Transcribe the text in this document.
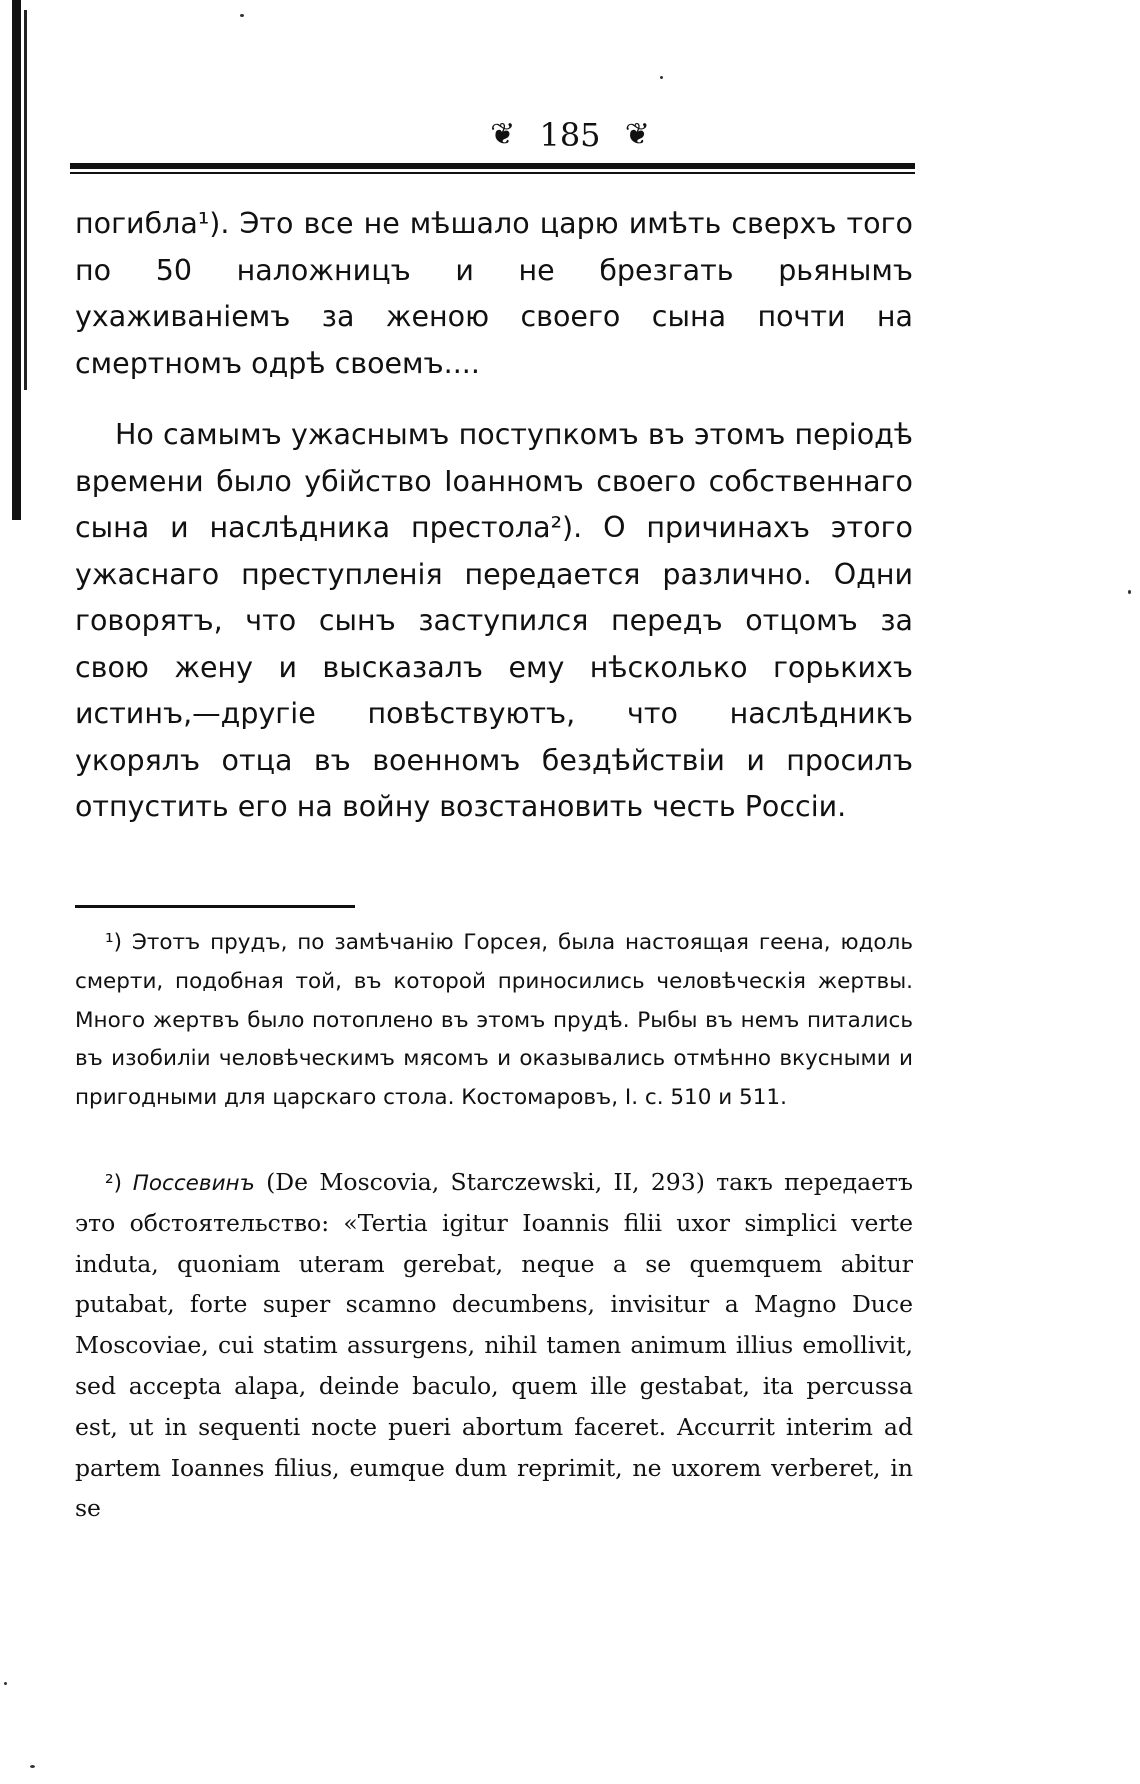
❦ 185 ❦

погибла¹). Это все не мѣшало царю имѣть сверхъ того по 50 наложницъ и не брезгать рьянымъ ухаживаніемъ за женою своего сына почти на смертномъ одрѣ своемъ....

Но самымъ ужаснымъ поступкомъ въ этомъ періодѣ времени было убійство Іоанномъ своего собственнаго сына и наслѣдника престола²). О причинахъ этого ужаснаго преступленія передается различно. Одни говорятъ, что сынъ заступился передъ отцомъ за свою жену и высказалъ ему нѣсколько горькихъ истинъ,—другіе повѣствуютъ, что наслѣдникъ укорялъ отца въ военномъ бездѣйствіи и просилъ отпустить его на войну возстановить честь Россіи.

¹) Этотъ прудъ, по замѣчанію Горсея, была настоящая геена, юдоль смерти, подобная той, въ которой приносились человѣческія жертвы. Много жертвъ было потоплено въ этомъ прудѣ. Рыбы въ немъ питались въ изобиліи человѣческимъ мясомъ и оказывались отмѣнно вкусными и пригодными для царскаго стола. Костомаровъ, I. с. 510 и 511.

²) Поссевинъ (De Moscovia, Starczewski, II, 293) такъ передаетъ это обстоятельство: «Tertia igitur Ioannis filii uxor simplici verte induta, quoniam uteram gerebat, neque a se quemquem abitur putabat, forte super scamno decumbens, invisitur a Magno Duce Moscoviae, cui statim assurgens, nihil tamen animum illius emollivit, sed accepta alapa, deinde baculo, quem ille gestabat, ita percussa est, ut in sequenti nocte pueri abortum faceret. Accurrit interim ad partem Ioannes filius, eumque dum reprimit, ne uxorem verberet, in se
